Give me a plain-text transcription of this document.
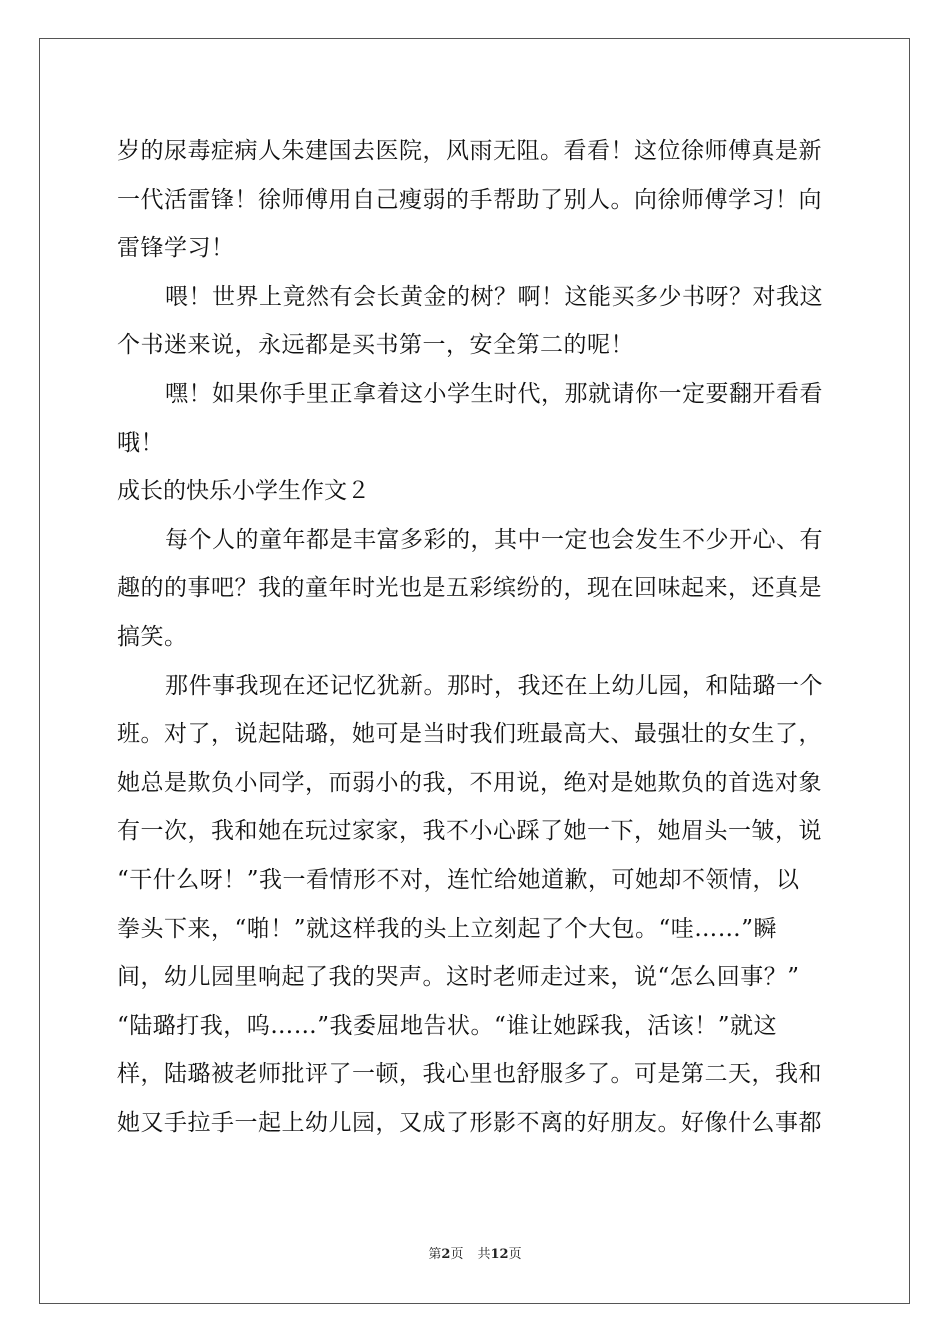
岁的尿毒症病人朱建国去医院，风雨无阻。看看！这位徐师傅真是新
一代活雷锋！徐师傅用自己瘦弱的手帮助了别人。向徐师傅学习！向
雷锋学习！
喂！世界上竟然有会长黄金的树？啊！这能买多少书呀？对我这
个书迷来说，永远都是买书第一，安全第二的呢！
嘿！如果你手里正拿着这小学生时代，那就请你一定要翻开看看
哦！
成长的快乐小学生作文２
每个人的童年都是丰富多彩的，其中一定也会发生不少开心、有
趣的的事吧？我的童年时光也是五彩缤纷的，现在回味起来，还真是
搞笑。
那件事我现在还记忆犹新。那时，我还在上幼儿园，和陆璐一个
班。对了，说起陆璐，她可是当时我们班最高大、最强壮的女生了，
她总是欺负小同学，而弱小的我，不用说，绝对是她欺负的首选对象
有一次，我和她在玩过家家，我不小心踩了她一下，她眉头一皱，说
“干什么呀！”我一看情形不对，连忙给她道歉，可她却不领情，以
拳头下来，“啪！”就这样我的头上立刻起了个大包。“哇……”瞬
间，幼儿园里响起了我的哭声。这时老师走过来，说“怎么回事？”
“陆璐打我，呜……”我委屈地告状。“谁让她踩我，活该！”就这
样，陆璐被老师批评了一顿，我心里也舒服多了。可是第二天，我和
她又手拉手一起上幼儿园，又成了形影不离的好朋友。好像什么事都
第2页 共12页
